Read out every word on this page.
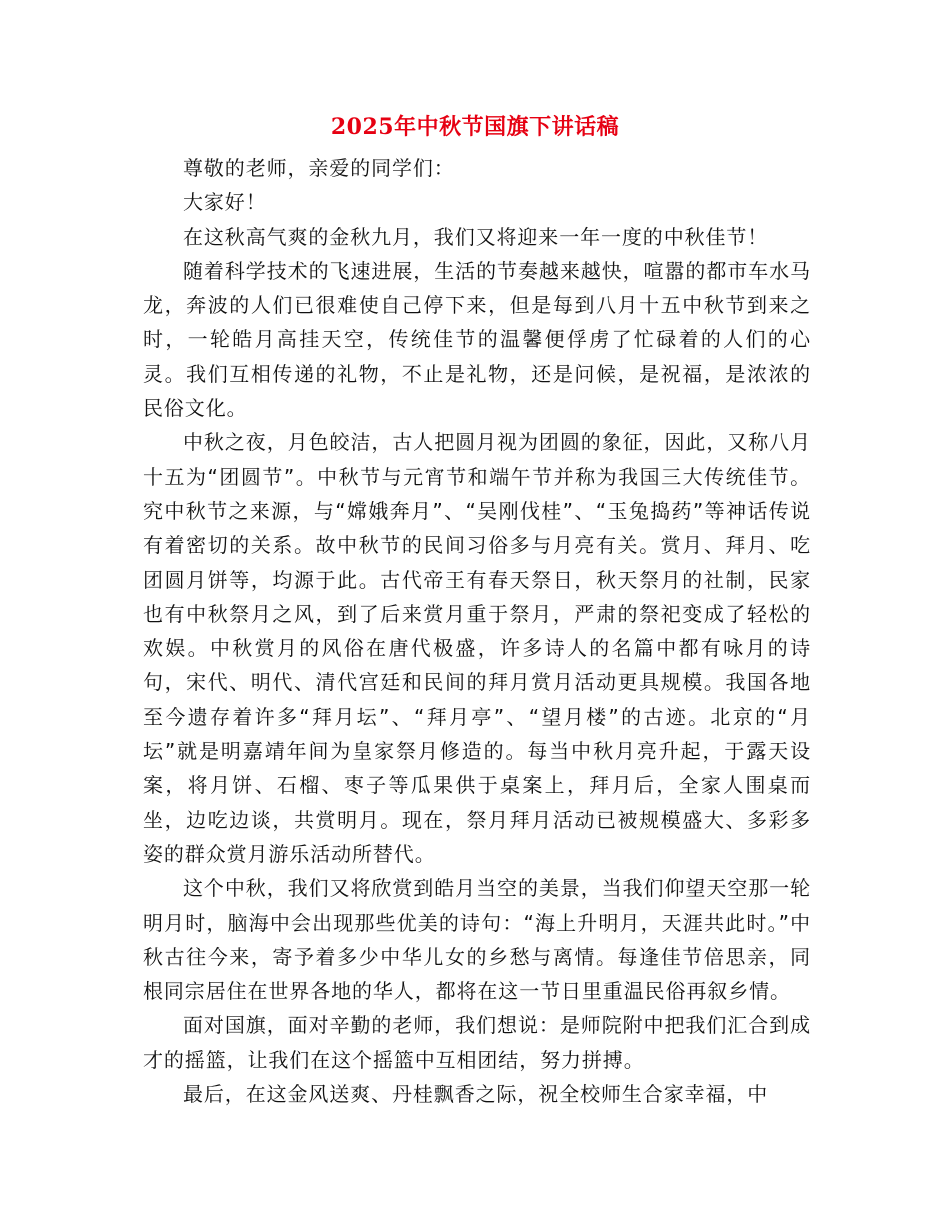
2025年中秋节国旗下讲话稿

尊敬的老师，亲爱的同学们：

大家好！

在这秋高气爽的金秋九月，我们又将迎来一年一度的中秋佳节！

随着科学技术的飞速进展，生活的节奏越来越快，喧嚣的都市车水马龙，奔波的人们已很难使自己停下来，但是每到八月十五中秋节到来之时，一轮皓月高挂天空，传统佳节的温馨便俘虏了忙碌着的人们的心灵。我们互相传递的礼物，不止是礼物，还是问候，是祝福，是浓浓的民俗文化。

中秋之夜，月色皎洁，古人把圆月视为团圆的象征，因此，又称八月十五为“团圆节”。中秋节与元宵节和端午节并称为我国三大传统佳节。究中秋节之来源，与“嫦娥奔月”、“吴刚伐桂”、“玉兔捣药”等神话传说有着密切的关系。故中秋节的民间习俗多与月亮有关。赏月、拜月、吃团圆月饼等，均源于此。古代帝王有春天祭日，秋天祭月的社制，民家也有中秋祭月之风，到了后来赏月重于祭月，严肃的祭祀变成了轻松的欢娱。中秋赏月的风俗在唐代极盛，许多诗人的名篇中都有咏月的诗句，宋代、明代、清代宫廷和民间的拜月赏月活动更具规模。我国各地至今遗存着许多“拜月坛”、“拜月亭”、“望月楼”的古迹。北京的“月坛”就是明嘉靖年间为皇家祭月修造的。每当中秋月亮升起，于露天设案，将月饼、石榴、枣子等瓜果供于桌案上，拜月后，全家人围桌而坐，边吃边谈，共赏明月。现在，祭月拜月活动已被规模盛大、多彩多姿的群众赏月游乐活动所替代。

这个中秋，我们又将欣赏到皓月当空的美景，当我们仰望天空那一轮明月时，脑海中会出现那些优美的诗句：“海上升明月，天涯共此时。”中秋古往今来，寄予着多少中华儿女的乡愁与离情。每逢佳节倍思亲，同根同宗居住在世界各地的华人，都将在这一节日里重温民俗再叙乡情。

面对国旗，面对辛勤的老师，我们想说：是师院附中把我们汇合到成才的摇篮，让我们在这个摇篮中互相团结，努力拼搏。

最后，在这金风送爽、丹桂飘香之际，祝全校师生合家幸福，中
